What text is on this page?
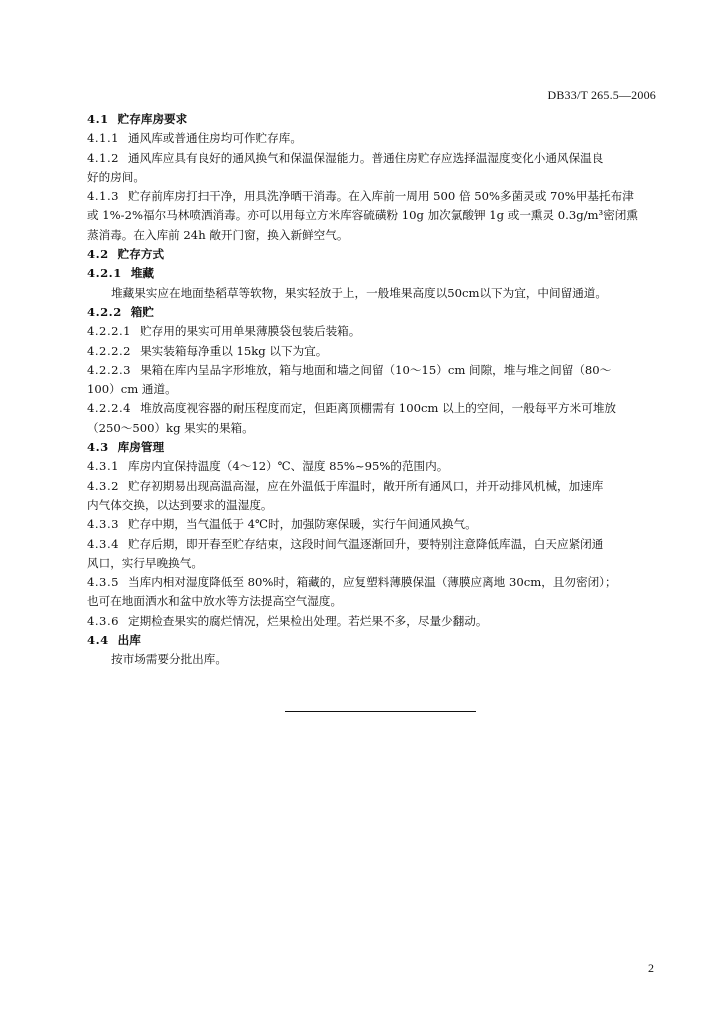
DB33/T 265.5—2006
4.1 贮存库房要求
4.1.1 通风库或普通住房均可作贮存库。
4.1.2 通风库应具有良好的通风换气和保温保湿能力。普通住房贮存应选择温湿度变化小通风保温良
好的房间。
4.1.3 贮存前库房打扫干净，用具洗净晒干消毒。在入库前一周用 500 倍 50%多菌灵或 70%甲基托布津
或 1%-2%福尔马林喷洒消毒。亦可以用每立方米库容硫磺粉 10g 加次氯酸钾 1g 或一熏灵 0.3g/m³密闭熏
蒸消毒。在入库前 24h 敞开门窗，换入新鲜空气。
4.2 贮存方式
4.2.1 堆藏
堆藏果实应在地面垫稻草等软物，果实轻放于上，一般堆果高度以50cm以下为宜，中间留通道。
4.2.2 箱贮
4.2.2.1 贮存用的果实可用单果薄膜袋包装后装箱。
4.2.2.2 果实装箱每净重以 15kg 以下为宜。
4.2.2.3 果箱在库内呈品字形堆放，箱与地面和墙之间留（10～15）cm 间隙，堆与堆之间留（80～
100）cm 通道。
4.2.2.4 堆放高度视容器的耐压程度而定，但距离顶棚需有 100cm 以上的空间，一般每平方米可堆放
（250～500）kg 果实的果箱。
4.3 库房管理
4.3.1 库房内宜保持温度（4～12）℃、湿度 85%~95%的范围内。
4.3.2 贮存初期易出现高温高湿，应在外温低于库温时，敞开所有通风口，并开动排风机械，加速库
内气体交换，以达到要求的温湿度。
4.3.3 贮存中期，当气温低于 4℃时，加强防寒保暖，实行午间通风换气。
4.3.4 贮存后期，即开春至贮存结束，这段时间气温逐渐回升，要特别注意降低库温，白天应紧闭通
风口，实行早晚换气。
4.3.5 当库内相对湿度降低至 80%时，箱藏的，应复塑料薄膜保温（薄膜应离地 30cm，且勿密闭）；
也可在地面洒水和盆中放水等方法提高空气湿度。
4.3.6 定期检查果实的腐烂情况，烂果检出处理。若烂果不多，尽量少翻动。
4.4 出库
按市场需要分批出库。
2
